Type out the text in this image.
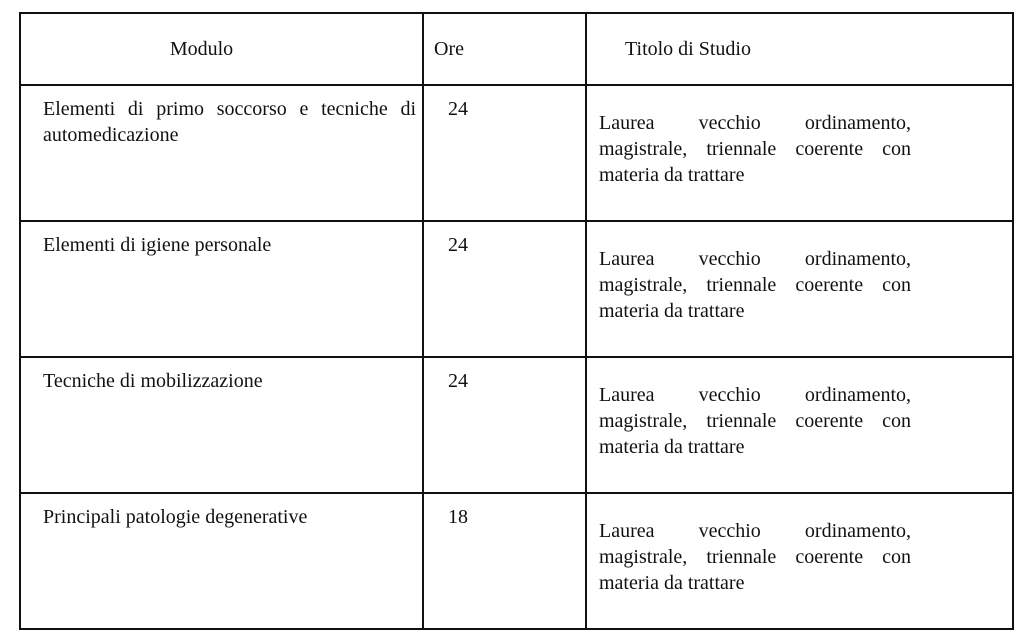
Modulo	Ore	Titolo di Studio
Elementi di primo soccorso e tecniche di automedicazione	24	Laurea vecchio ordinamento, magistrale, triennale coerente con materia da trattare

Elementi di igiene personale	24	Laurea vecchio ordinamento, magistrale, triennale coerente con materia da trattare

Tecniche di mobilizzazione	24	Laurea vecchio ordinamento, magistrale, triennale coerente con materia da trattare

Principali patologie degenerative	18	Laurea vecchio ordinamento, magistrale, triennale coerente con materia da trattare
